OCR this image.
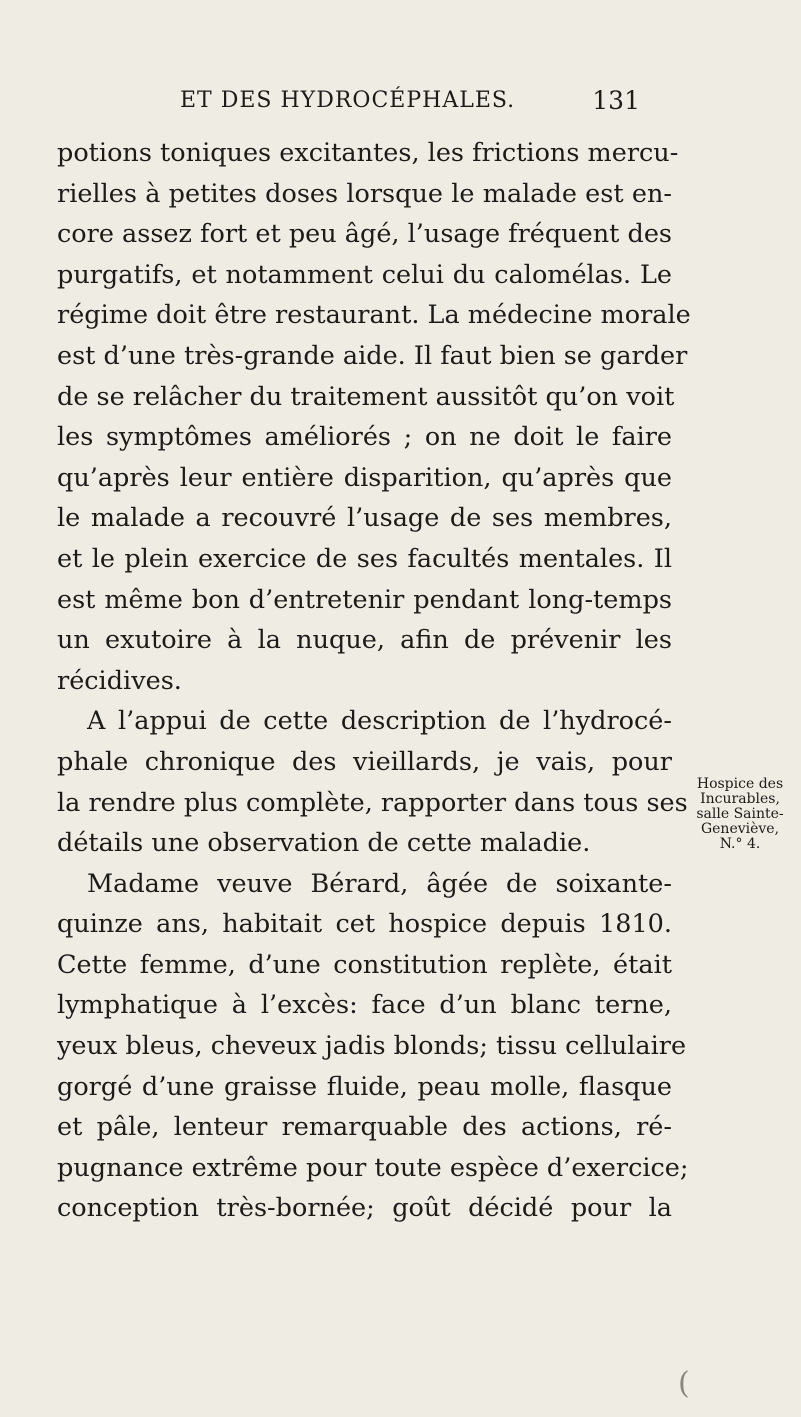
ET DES HYDROCÉPHALES.	131
potions toniques excitantes, les frictions mercu-
rielles à petites doses lorsque le malade est en-
core assez fort et peu âgé, l’usage fréquent des
purgatifs, et notamment celui du calomélas. Le
régime doit être restaurant. La médecine morale
est d’une très-grande aide. Il faut bien se garder
de se relâcher du traitement aussitôt qu’on voit
les symptômes améliorés ; on ne doit le faire
qu’après leur entière disparition, qu’après que
le malade a recouvré l’usage de ses membres,
et le plein exercice de ses facultés mentales. Il
est même bon d’entretenir pendant long-temps
un exutoire à la nuque, afin de prévenir les
récidives.
A l’appui de cette description de l’hydrocé-
phale chronique des vieillards, je vais, pour
la rendre plus complète, rapporter dans tous ses
détails une observation de cette maladie.
Madame veuve Bérard, âgée de soixante-
quinze ans, habitait cet hospice depuis 1810.
Cette femme, d’une constitution replète, était
lymphatique à l’excès: face d’un blanc terne,
yeux bleus, cheveux jadis blonds; tissu cellulaire
gorgé d’une graisse fluide, peau molle, flasque
et pâle, lenteur remarquable des actions, ré-
pugnance extrême pour toute espèce d’exercice;
conception très-bornée; goût décidé pour la
Hospice des
Incurables,
salle Sainte-
Geneviève,
N.° 4.
(
